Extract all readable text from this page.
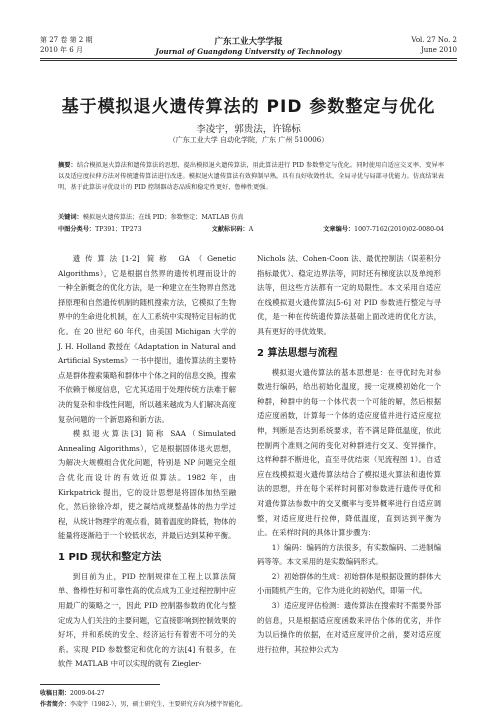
第 27 卷 第 2 期
2010 年 6 月
广东工业大学学报
Journal of Guangdong University of Technology
Vol. 27 No. 2
June 2010
基于模拟退火遗传算法的 PID 参数整定与优化
李凌宇，郭贵法，许锦标
（广东工业大学 自动化学院，广东 广州 510006）
摘要：结合模拟退火算法和遗传算法的思想，提出模拟退火遗传算法，用此算法进行 PID 参数整定与优化。同时使用自适应交叉率、变异率以及适应度拉伸方法对传统遗传算法进行改进。模拟退火遗传算法有效抑制早熟，具有良好收敛性状，全局寻优与局部寻优能力。仿真结果表明，基于此算法寻优设计的 PID 控制器动态品质和稳定性更好、鲁棒性更强。
关键词：模拟退火遗传算法；在线 PID；参数整定；MATLAB 仿真
中图分类号：TP391；TP273	文献标识码：A	文章编号：1007-7162(2010)02-0080-04

遗传算法[1-2] 简称 GA（Genetic Algorithms），它是根据自然界的遗传机理而设计的一种全新概念的优化方法，是一种建立在生物界自然选择原理和自然遗传机制的随机搜索方法，它模拟了生物界中的生命进化机制，在人工系统中实现特定目标的优化。在 20 世纪 60 年代，由美国 Michigan 大学的 J. H. Holland 教授在《Adaptation in Natural and Artificial Systems》一书中提出，遗传算法的主要特点是群体搜索策略和群体中个体之间的信息交换，搜索不依赖于梯度信息，它尤其适用于处理传统方法难于解决的复杂和非线性问题，所以越来越成为人们解决高度复杂问题的一个新思路和新方法。

模拟退火算法[3] 简称 SAA（Simulated Annealing Algorithms），它是根据固体退火思想，为解决大规模组合优化问题，特别是 NP 问题完全组合优化而设计的有效近似算法。1982 年，由 Kirkpatrick 提出，它的设计思想是将固体加热至融化，然后徐徐冷却，使之凝结成规整晶体的热力学过程，从统计物理学的观点看，随着温度的降低，物体的能量将逐渐趋于一个较低状态，并最后达到某种平衡。

1 PID 现状和整定方法

到目前为止，PID 控制规律在工程上以算法简单、鲁棒性好和可靠性高的优点成为工业过程控制中应用最广的策略之一，因此 PID 控制器参数的优化与整定成为人们关注的主要问题，它直接影响到控制效果的好坏，并和系统的安全、经济运行有着密不可分的关系。实现 PID 参数整定和优化的方法[4] 有很多，在软件 MATLAB 中可以实现的就有 Ziegler-

Nichols 法、Cohen-Coon 法、最优控制法（误差积分指标最优）、稳定边界法等，同时还有梯度法以及单纯形法等，但这些方法都有一定的局限性。本文采用自适应在线模拟退火遗传算法[5-6] 对 PID 参数进行整定与寻优，是一种在传统遗传算法基础上面改进的优化方法，具有更好的寻优效果。

2 算法思想与流程

模拟退火遗传算法的基本思想是：在寻优时先对参数进行编码，给出初始化温度，接一定规模初始化一个种群，种群中的每一个体代表一个可能的解，然后根据适应度函数，计算每一个体的适应度值并进行适应度拉伸，判断是否达到系统要求，若不满足降低温度，依此控制两个准则之间的变化对种群进行交叉、变异操作，这样种群不断进化，直至寻优结束（见流程图 1）。自适应在线模拟退火遗传算法结合了模拟退火算法和遗传算法的思想，并在每个采样时间都对参数进行遗传寻优和对遗传算法参数中的交叉概率与变异概率进行自适应调整，对适应度进行拉伸，降低温度，直到达到平衡为止。在采样时间的具体计算步骤为：

1）编码：编码的方法很多，有实数编码、二进制编码等等。本文采用的是实数编码形式。

2）初始群体的生成：初始群体是根据设置的群体大小而随机产生的，它作为进化的初始代，即第一代。

3）适应度评估检测：遗传算法在搜索时不需要外部的信息，只是根据适应度函数来评估个体的优劣，并作为以后操作的依据，在对适应度评价之前，要对适应度进行拉伸，其拉伸公式为

收稿日期：2009-04-27
作者简介：李凌宇（1982-），男，硕士研究生，主要研究方向为楼宇智能化。
